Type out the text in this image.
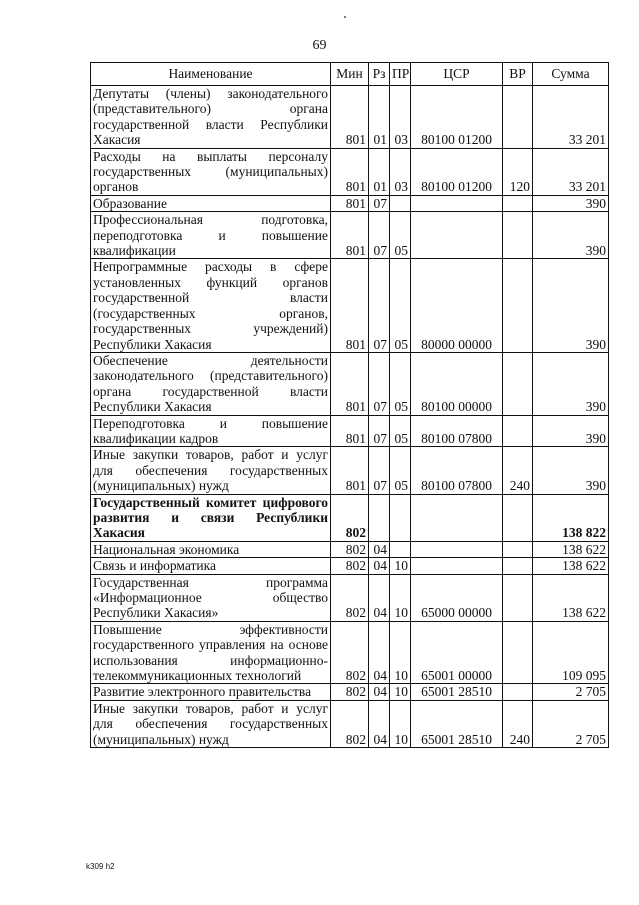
69
Наименование	Мин	Рз	ПР	ЦСР	ВР	Сумма
Депутаты (члены) законодательного (представительного) органа государственной власти Республики Хакасия	801	01	03	80100 01200		33 201
Расходы на выплаты персоналу государственных (муниципальных) органов	801	01	03	80100 01200	120	33 201
Образование	801	07				390
Профессиональная подготовка, переподготовка и повышение квалификации	801	07	05			390
Непрограммные расходы в сфере установленных функций органов государственной власти (государственных органов, государственных учреждений) Республики Хакасия	801	07	05	80000 00000		390
Обеспечение деятельности законодательного (представительного) органа государственной власти Республики Хакасия	801	07	05	80100 00000		390
Переподготовка и повышение квалификации кадров	801	07	05	80100 07800		390
Иные закупки товаров, работ и услуг для обеспечения государственных (муниципальных) нужд	801	07	05	80100 07800	240	390
Государственный комитет цифрового развития и связи Республики Хакасия	802					138 822
Национальная экономика	802	04				138 622
Связь и информатика	802	04	10			138 622
Государственная программа «Информационное общество Республики Хакасия»	802	04	10	65000 00000		138 622
Повышение эффективности государственного управления на основе использования информационно-телекоммуникационных технологий	802	04	10	65001 00000		109 095
Развитие электронного правительства	802	04	10	65001 28510		2 705
Иные закупки товаров, работ и услуг для обеспечения государственных (муниципальных) нужд	802	04	10	65001 28510	240	2 705
k309 h2
